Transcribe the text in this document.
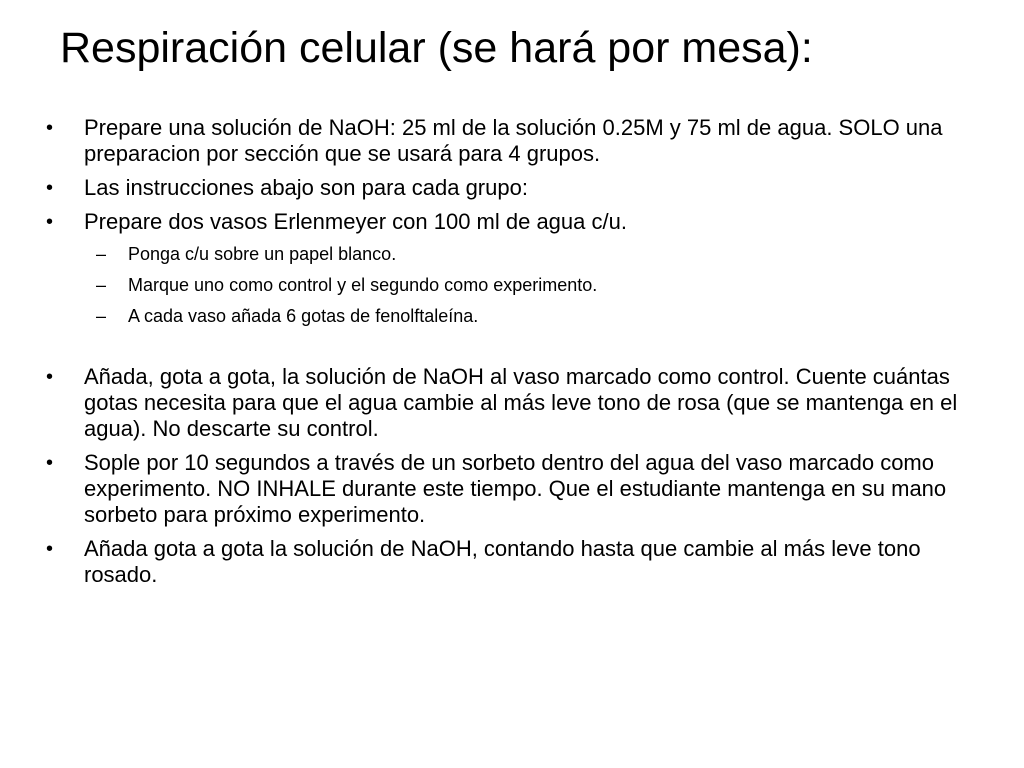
Respiración celular (se hará por mesa):
•	Prepare una solución de NaOH: 25 ml de la solución 0.25M y 75 ml de agua. SOLO una preparacion por sección que se usará para 4 grupos.
•	Las instrucciones abajo son para cada grupo:
•	Prepare dos vasos Erlenmeyer con 100 ml de agua c/u.
–	Ponga c/u sobre un papel blanco.
–	Marque uno como control y el segundo como experimento.
–	A cada vaso añada 6 gotas de fenolftaleína.
•	Añada, gota a gota, la solución de NaOH al vaso marcado como control. Cuente cuántas gotas necesita para que el agua cambie al más leve tono de rosa (que se mantenga en el agua). No descarte su control.
•	Sople por 10 segundos a través de un sorbeto dentro del agua del vaso marcado como experimento. NO INHALE durante este tiempo. Que el estudiante mantenga en su mano sorbeto para próximo experimento.
•	Añada gota a gota la solución de NaOH, contando hasta que cambie al más leve tono rosado.
